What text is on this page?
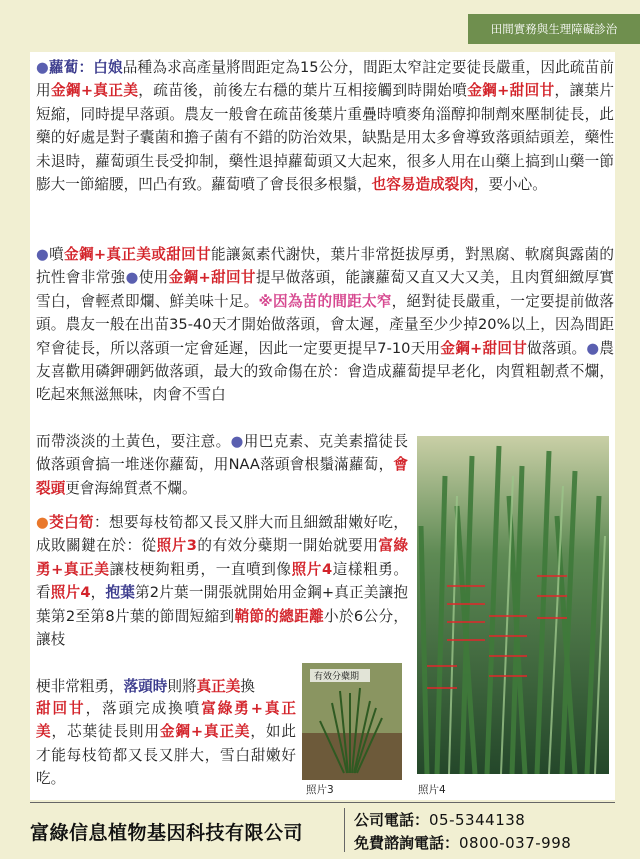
田間實務與生理障礙診治

●蘿蔔：白娘品種為求高產量將間距定為15公分，間距太窄註定要徒長嚴重，因此疏苗前用金鋼+真正美，疏苗後，前後左右穩的葉片互相接觸到時開始噴金鋼+甜回甘，讓葉片短縮，同時提早落頭。農友一般會在疏苗後葉片重疊時噴麥角淄醇抑制劑來壓制徒長，此藥的好處是對子囊菌和擔子菌有不錯的防治效果，缺點是用太多會導致落頭結頭差，藥性未退時，蘿蔔頭生長受抑制，藥性退掉蘿蔔頭又大起來，很多人用在山藥上搞到山藥一節膨大一節縮腰，凹凸有致。蘿蔔噴了會長很多根鬚，也容易造成裂肉，要小心。

●噴金鋼+真正美或甜回甘能讓氮素代謝快，葉片非常挺拔厚勇，對黑腐、軟腐與露菌的抗性會非常強●使用金鋼+甜回甘提早做落頭，能讓蘿蔔又直又大又美，且肉質細緻厚實雪白，會輕煮即爛、鮮美味十足。※因為苗的間距太窄，絕對徒長嚴重，一定要提前做落頭。農友一般在出苗35-40天才開始做落頭，會太遲，產量至少少掉20%以上，因為間距窄會徒長，所以落頭一定會延遲，因此一定要更提早7-10天用金鋼+甜回甘做落頭。●農友喜歡用磷鉀硼鈣做落頭，最大的致命傷在於：會造成蘿蔔提早老化，肉質粗韌煮不爛，吃起來無滋無味，肉會不雪白

而帶淡淡的土黃色，要注意。●用巴克素、克美素擋徒長做落頭會搞一堆迷你蘿蔔，用NAA落頭會根鬚滿蘿蔔，會裂頭更會海綿質煮不爛。

●茭白筍：想要每枝筍都又長又胖大而且細緻甜嫩好吃，成敗關鍵在於：從照片3的有效分蘗期一開始就要用富綠勇+真正美讓枝梗夠粗勇，一直噴到像照片4這樣粗勇。看照片4，抱葉第2片葉一開張就開始用金鋼+真正美讓抱葉第2至第8片葉的節間短縮到鞘節的總距離小於6公分，讓枝

梗非常粗勇，落頭時則將真正美換

甜回甘，落頭完成換噴富綠勇+真正美，芯葉徒長則用金鋼+真正美，如此才能每枝筍都又長又胖大，雪白甜嫩好吃。

有效分蘗期
照片3	照片4
富綠信息植物基因科技有限公司
公司電話：05-5344138
免費諮詢電話：0800-037-998
